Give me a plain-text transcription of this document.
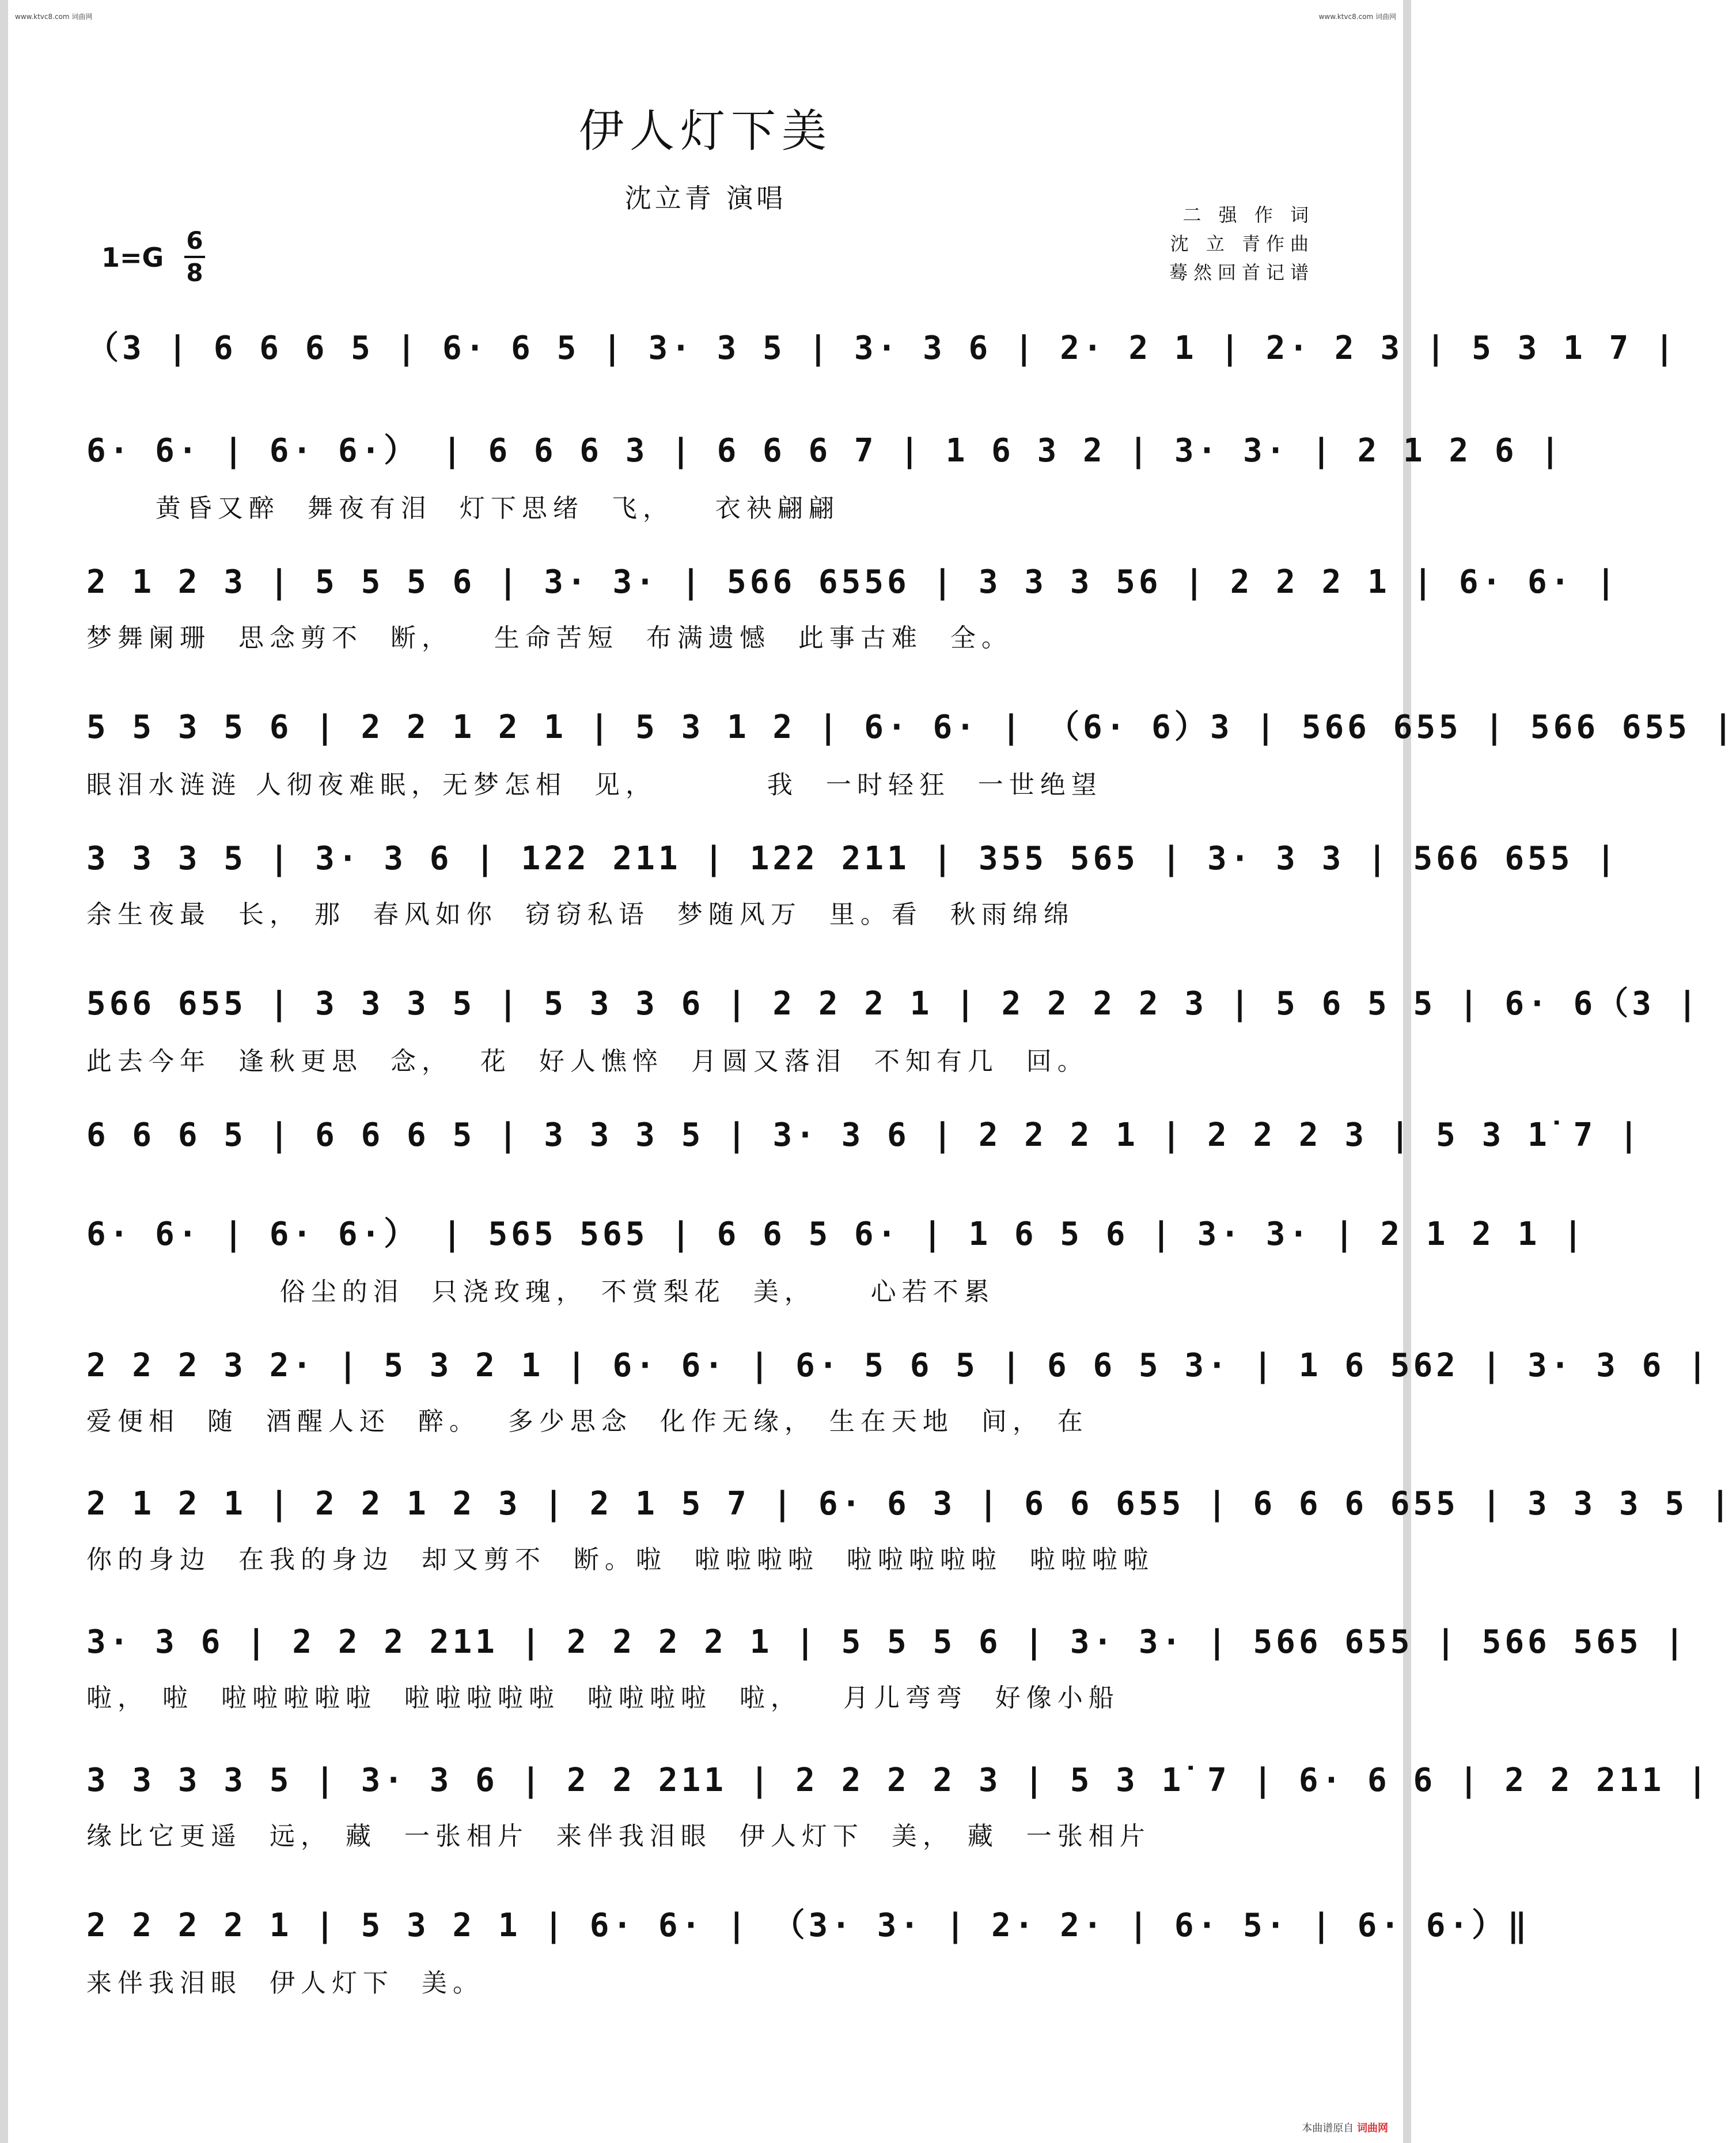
www.ktvc8.com 词曲网	www.ktvc8.com 词曲网
伊人灯下美
沈立青 演唱
二 强 作 词
沈 立 青作曲
蓦然回首记谱
1=G
6
8
（3 | 6 6 6 5 | 6· 6 5 | 3· 3 5 | 3· 3 6 | 2· 2 1 | 2· 2 3 | 5 3 1 7 |
6· 6· | 6· 6·） | 6 6 6 3 | 6 6 6 7 | 1 6 3 2 | 3· 3· | 2 1 2 6 |
黄昏又醉  舞夜有泪  灯下思绪  飞，   衣袂翩翩
2 1 2 3 | 5 5 5 6 | 3· 3· | 566 6556 | 3 3 3 56 | 2 2 2 1 | 6· 6· |
梦舞阑珊  思念剪不  断，   生命苦短  布满遗憾  此事古难  全。
5 5 3 5 6 | 2 2 1 2 1 | 5 3 1 2 | 6· 6· | （6· 6）3 | 566 655 | 566 655 |
眼泪水涟涟 人彻夜难眠，无梦怎相  见，        我  一时轻狂  一世绝望
3 3 3 5 | 3· 3 6 | 122 211 | 122 211 | 355 565 | 3· 3 3 | 566 655 |
余生夜最  长， 那  春风如你  窃窃私语  梦随风万  里。看  秋雨绵绵
566 655 | 3 3 3 5 | 5 3 3 6 | 2 2 2 1 | 2 2 2 2 3 | 5 6 5 5 | 6· 6（3 |
此去今年  逢秋更思  念，  花  好人憔悴  月圆又落泪  不知有几  回。
6 6 6 5 | 6 6 6 5 | 3 3 3 5 | 3· 3 6 | 2 2 2 1 | 2 2 2 3 | 5 3 1̇ 7 |
6· 6· | 6· 6·） | 565 565 | 6 6 5 6· | 1 6 5 6 | 3· 3· | 2 1 2 1 |
俗尘的泪  只浇玫瑰， 不赏梨花  美，    心若不累
2 2 2 3 2· | 5 3 2 1 | 6· 6· | 6· 5 6 5 | 6 6 5 3· | 1 6 562 | 3· 3 6 |
爱便相  随  酒醒人还  醉。  多少思念  化作无缘， 生在天地  间， 在
2 1 2 1 | 2 2 1 2 3 | 2 1 5 7 | 6· 6 3 | 6 6 655 | 6 6 6 655 | 3 3 3 5 |
你的身边  在我的身边  却又剪不  断。啦  啦啦啦啦  啦啦啦啦啦  啦啦啦啦
3· 3 6 | 2 2 2 211 | 2 2 2 2 1 | 5 5 5 6 | 3· 3· | 566 655 | 566 565 |
啦， 啦  啦啦啦啦啦  啦啦啦啦啦  啦啦啦啦  啦，   月儿弯弯  好像小船
3 3 3 3 5 | 3· 3 6 | 2 2 211 | 2 2 2 2 3 | 5 3 1̇ 7 | 6· 6 6 | 2 2 211 |
缘比它更遥  远， 藏  一张相片  来伴我泪眼  伊人灯下  美， 藏  一张相片
2 2 2 2 1 | 5 3 2 1 | 6· 6· | （3· 3· | 2· 2· | 6· 5· | 6· 6·）‖
来伴我泪眼  伊人灯下  美。
本曲谱原自 词曲网
